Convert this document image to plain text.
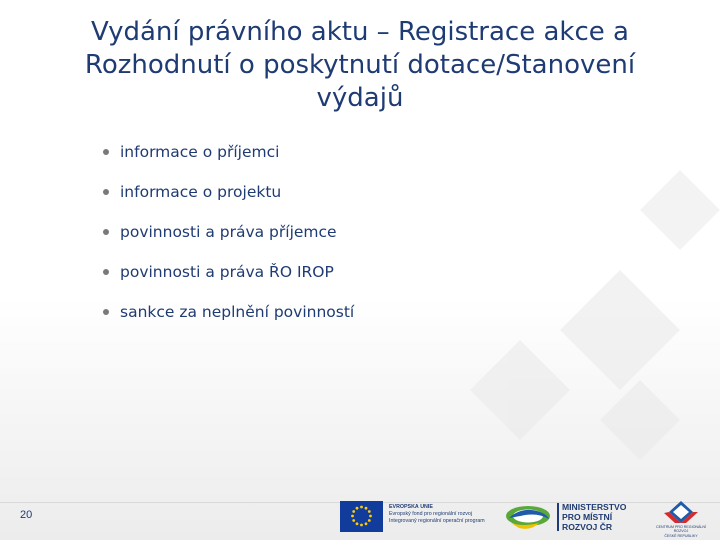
Vydání právního aktu – Registrace akce a
Rozhodnutí o poskytnutí dotace/Stanovení
výdajů
informace o příjemci
informace o projektu
povinnosti a práva příjemce
povinnosti a práva ŘO IROP
sankce za neplnění povinností
20
EVROPSKÁ UNIE
Evropský fond pro regionální rozvoj
Integrovaný regionální operační program
MINISTERSTVO
PRO MÍSTNÍ
ROZVOJ ČR	CENTRUM PRO REGIONÁLNÍ ROZVOJ
ČESKÉ REPUBLIKY
